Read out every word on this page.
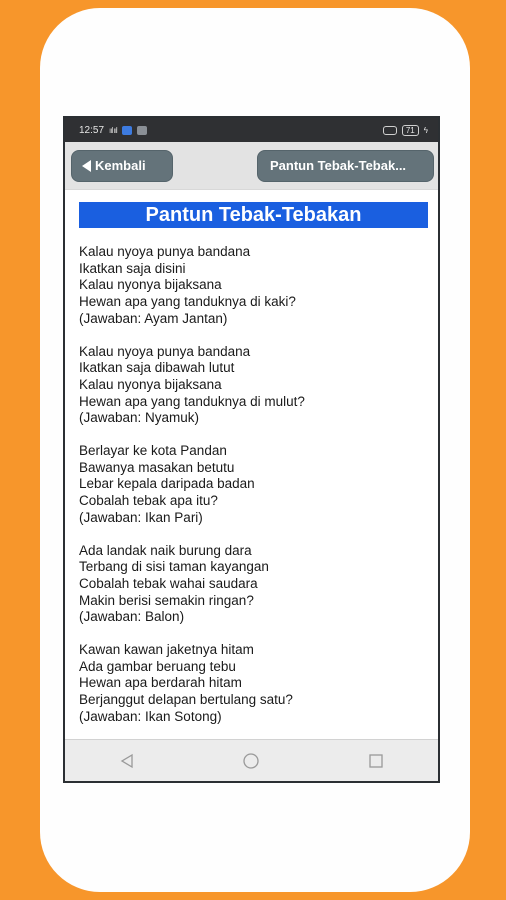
12:57 ııl ııl	71	ϟ
Kembali	Pantun Tebak-Tebak...
Pantun Tebak-Tebakan
Kalau nyoya punya bandana
Ikatkan saja disini
Kalau nyonya bijaksana
Hewan apa yang tanduknya di kaki?
(Jawaban: Ayam Jantan)
Kalau nyoya punya bandana
Ikatkan saja dibawah lutut
Kalau nyonya bijaksana
Hewan apa yang tanduknya di mulut?
(Jawaban: Nyamuk)
Berlayar ke kota Pandan
Bawanya masakan betutu
Lebar kepala daripada badan
Cobalah tebak apa itu?
(Jawaban: Ikan Pari)
Ada landak naik burung dara
Terbang di sisi taman kayangan
Cobalah tebak wahai saudara
Makin berisi semakin ringan?
(Jawaban: Balon)
Kawan kawan jaketnya hitam
Ada gambar beruang tebu
Hewan apa berdarah hitam
Berjanggut delapan bertulang satu?
(Jawaban: Ikan Sotong)
